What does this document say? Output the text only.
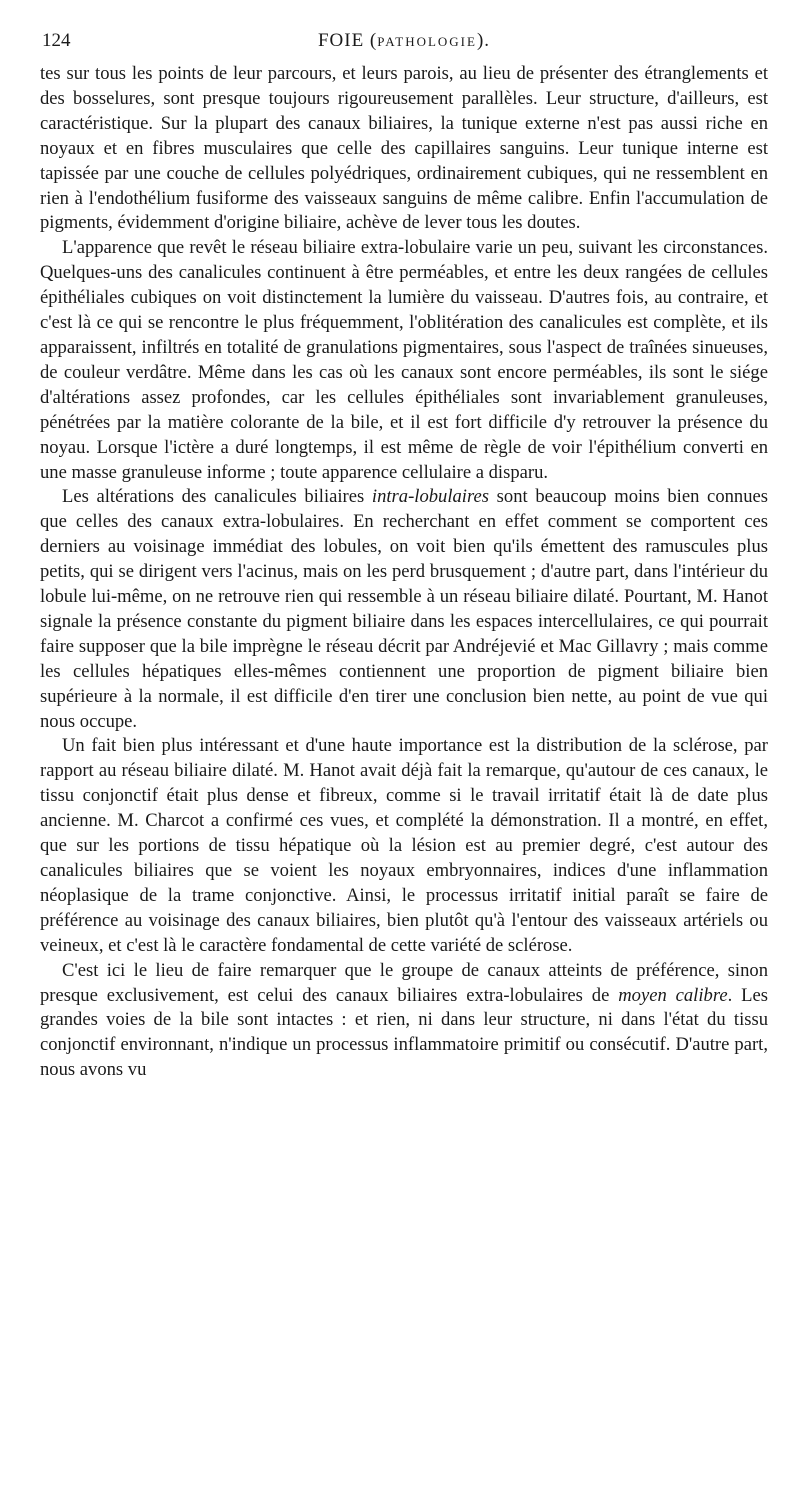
124	FOIE (PATHOLOGIE).

tes sur tous les points de leur parcours, et leurs parois, au lieu de présenter des étranglements et des bosselures, sont presque toujours rigoureusement parallèles. Leur structure, d'ailleurs, est caractéristique. Sur la plupart des canaux biliaires, la tunique externe n'est pas aussi riche en noyaux et en fibres musculaires que celle des capillaires sanguins. Leur tunique interne est tapissée par une couche de cellules polyédriques, ordinairement cubiques, qui ne ressemblent en rien à l'endothélium fusiforme des vaisseaux sanguins de même calibre. Enfin l'accumulation de pigments, évidemment d'origine biliaire, achève de lever tous les doutes.

L'apparence que revêt le réseau biliaire extra-lobulaire varie un peu, suivant les circonstances. Quelques-uns des canalicules continuent à être perméables, et entre les deux rangées de cellules épithéliales cubiques on voit distinctement la lumière du vaisseau. D'autres fois, au contraire, et c'est là ce qui se rencontre le plus fréquemment, l'oblitération des canalicules est complète, et ils apparaissent, infiltrés en totalité de granulations pigmentaires, sous l'aspect de traînées sinueuses, de couleur verdâtre. Même dans les cas où les canaux sont encore perméables, ils sont le siége d'altérations assez profondes, car les cellules épithéliales sont invariablement granuleuses, pénétrées par la matière colorante de la bile, et il est fort difficile d'y retrouver la présence du noyau. Lorsque l'ictère a duré longtemps, il est même de règle de voir l'épithélium converti en une masse granuleuse informe ; toute apparence cellulaire a disparu.

Les altérations des canalicules biliaires intra-lobulaires sont beaucoup moins bien connues que celles des canaux extra-lobulaires. En recherchant en effet comment se comportent ces derniers au voisinage immédiat des lobules, on voit bien qu'ils émettent des ramuscules plus petits, qui se dirigent vers l'acinus, mais on les perd brusquement ; d'autre part, dans l'intérieur du lobule lui-même, on ne retrouve rien qui ressemble à un réseau biliaire dilaté. Pourtant, M. Hanot signale la présence constante du pigment biliaire dans les espaces intercellulaires, ce qui pourrait faire supposer que la bile imprègne le réseau décrit par Andréjevié et Mac Gillavry ; mais comme les cellules hépatiques elles-mêmes contiennent une proportion de pigment biliaire bien supérieure à la normale, il est difficile d'en tirer une conclusion bien nette, au point de vue qui nous occupe.

Un fait bien plus intéressant et d'une haute importance est la distribution de la sclérose, par rapport au réseau biliaire dilaté. M. Hanot avait déjà fait la remarque, qu'autour de ces canaux, le tissu conjonctif était plus dense et fibreux, comme si le travail irritatif était là de date plus ancienne. M. Charcot a confirmé ces vues, et complété la démonstration. Il a montré, en effet, que sur les portions de tissu hépatique où la lésion est au premier degré, c'est autour des canalicules biliaires que se voient les noyaux embryonnaires, indices d'une inflammation néoplasique de la trame conjonctive. Ainsi, le processus irritatif initial paraît se faire de préférence au voisinage des canaux biliaires, bien plutôt qu'à l'entour des vaisseaux artériels ou veineux, et c'est là le caractère fondamental de cette variété de sclérose.

C'est ici le lieu de faire remarquer que le groupe de canaux atteints de préférence, sinon presque exclusivement, est celui des canaux biliaires extra-lobulaires de moyen calibre. Les grandes voies de la bile sont intactes : et rien, ni dans leur structure, ni dans l'état du tissu conjonctif environnant, n'indique un processus inflammatoire primitif ou consécutif. D'autre part, nous avons vu
